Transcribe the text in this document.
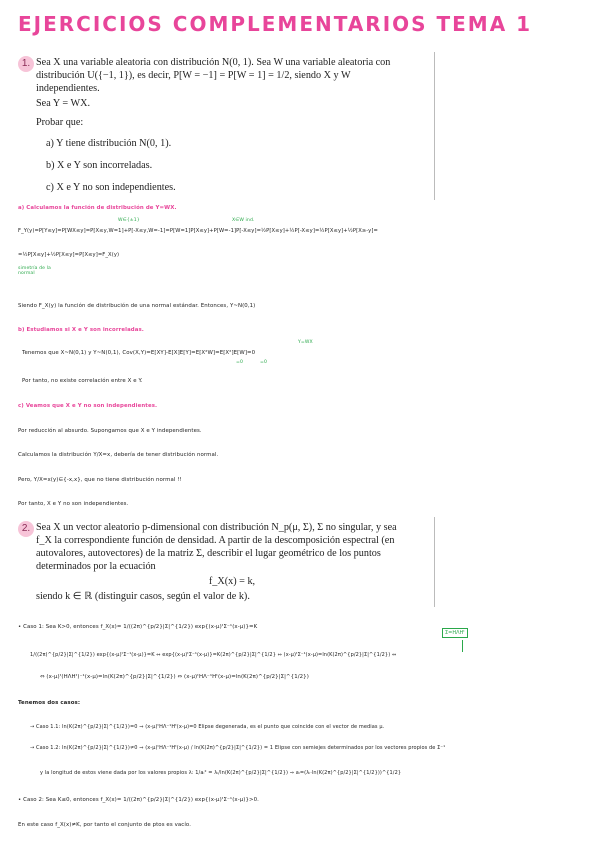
EJERCICIOS COMPLEMENTARIOS TEMA 1
1. Sea X una variable aleatoria con distribución N(0, 1). Sea W una variable aleatoria con
distribución U({−1, 1}), es decir, P[W = −1] = P[W = 1] = 1/2, siendo X y W
independientes.
Sea Y = WX.
Probar que:
a) Y tiene distribución N(0, 1).
b) X e Y son incorreladas.
c) X e Y no son independientes.
a) Calculamos la función de distribución de Y=WX.
W∈{±1}	X∈W ind.
F_Y(y)=P[Y≤y]=P[WX≤y]=P[X≤y,W=1]+P[-X≤y,W=-1]=P[W=1]P[X≤y]+P[W=-1]P[-X≤y]=½P[X≤y]+½P[-X≤y]=½P[X≤y]+½P[X≥-y]=
=½P[X≤y]+½P[X≤y]=P[X≤y]=F_X(y)
simetría de la normal
Siendo F_X(y) la función de distribución de una normal estándar. Entonces, Y~N(0,1)
b) Estudiamos si X e Y son incorreladas.
Y=WX
Tenemos que X~N(0,1) y Y~N(0,1), Cov(X,Y)=E[XY]-E[X]E[Y]=E[X²W]=E[X²]E[W]=0
=0	=0
Por tanto, no existe correlación entre X e Y.
c) Veamos que X e Y no son independientes.
Por reducción al absurdo. Supongamos que X e Y independientes.
Calculamos la distribución Y/X=x, debería de tener distribución normal.
Pero, Y/X=x(y)∈{-x,x}, que no tiene distribución normal !!
Por tanto, X e Y no son independientes.
2. Sea X un vector aleatorio p-dimensional con distribución N_p(μ, Σ), Σ no singular, y sea
f_X la correspondiente función de densidad. A partir de la descomposición espectral (en
autovalores, autovectores) de la matriz Σ, describir el lugar geométrico de los puntos
determinados por la ecuación
f_X(x) = k,
siendo k ∈ ℝ (distinguir casos, según el valor de k).
Σ=HΛHᵗ
• Caso 1: Sea K>0, entonces f_X(x)= 1/((2π)^{p/2}|Σ|^{1/2}) exp{(x-μ)ᵗΣ⁻¹(x-μ)}=K
1/((2π)^{p/2}|Σ|^{1/2}) exp{(x-μ)ᵗΣ⁻¹(x-μ)}=K ⇔ exp{(x-μ)ᵗΣ⁻¹(x-μ)}=K(2π)^{p/2}|Σ|^{1/2} ⇔ (x-μ)ᵗΣ⁻¹(x-μ)=ln(K(2π)^{p/2}|Σ|^{1/2}) ⇔
⇔ (x-μ)ᵗ(HΛHᵗ)⁻¹(x-μ)=ln(K(2π)^{p/2}|Σ|^{1/2}) ⇔ (x-μ)ᵗHΛ⁻¹Hᵗ(x-μ)=ln(K(2π)^{p/2}|Σ|^{1/2})
Tenemos dos casos:
→ Caso 1.1: ln(K(2π)^{p/2}|Σ|^{1/2})=0 ⇒ (x-μ)ᵗHΛ⁻¹Hᵗ(x-μ)=0 Elipse degenerada, es el punto que coincide con el vector de medias μ.
→ Caso 1.2: ln(K(2π)^{p/2}|Σ|^{1/2})≠0 ⇒ (x-μ)ᵗHΛ⁻¹Hᵗ(x-μ) / ln(K(2π)^{p/2}|Σ|^{1/2}) = 1 Elipse con semiejes determinados por los vectores propios de Σ⁻¹
y la longitud de estos viene dada por los valores propios λ: 1/aᵢ² = λᵢ/ln(K(2π)^{p/2}|Σ|^{1/2}) ⇒ aᵢ=(λᵢ·ln(K(2π)^{p/2}|Σ|^{1/2}))^{1/2}
• Caso 2: Sea K≤0, entonces f_X(x)= 1/((2π)^{p/2}|Σ|^{1/2}) exp{(x-μ)ᵗΣ⁻¹(x-μ)}>0.
En este caso f_X(x)≠K, por tanto el conjunto de ptos es vacío.
